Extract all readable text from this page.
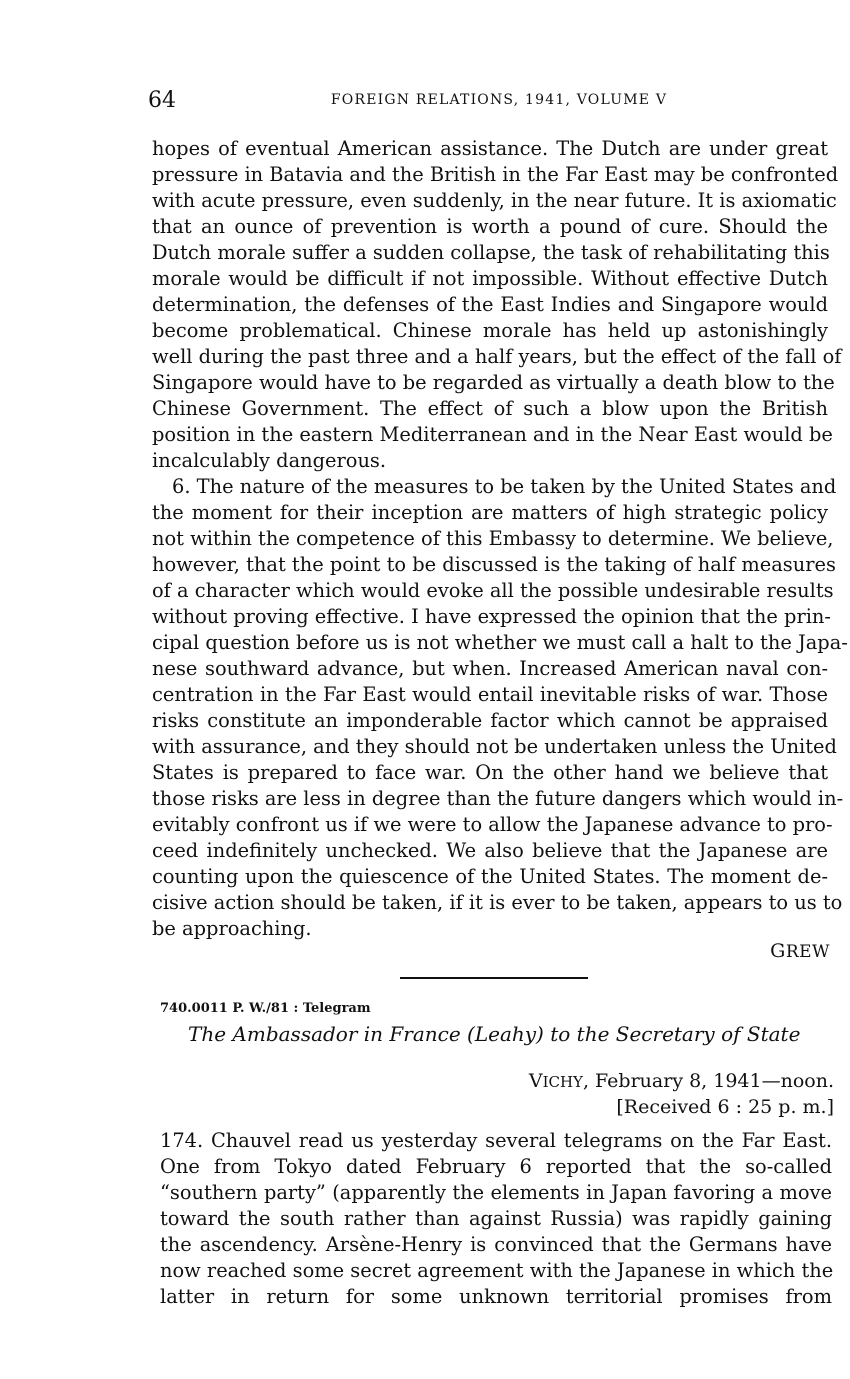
64	FOREIGN RELATIONS, 1941, VOLUME V
hopes of eventual American assistance. The Dutch are under great
pressure in Batavia and the British in the Far East may be confronted
with acute pressure, even suddenly, in the near future. It is axiomatic
that an ounce of prevention is worth a pound of cure. Should the
Dutch morale suffer a sudden collapse, the task of rehabilitating this
morale would be difficult if not impossible. Without effective Dutch
determination, the defenses of the East Indies and Singapore would
become problematical. Chinese morale has held up astonishingly
well during the past three and a half years, but the effect of the fall of
Singapore would have to be regarded as virtually a death blow to the
Chinese Government. The effect of such a blow upon the British
position in the eastern Mediterranean and in the Near East would be
incalculably dangerous.
6. The nature of the measures to be taken by the United States and
the moment for their inception are matters of high strategic policy
not within the competence of this Embassy to determine. We believe,
however, that the point to be discussed is the taking of half measures
of a character which would evoke all the possible undesirable results
without proving effective. I have expressed the opinion that the prin-
cipal question before us is not whether we must call a halt to the Japa-
nese southward advance, but when. Increased American naval con-
centration in the Far East would entail inevitable risks of war. Those
risks constitute an imponderable factor which cannot be appraised
with assurance, and they should not be undertaken unless the United
States is prepared to face war. On the other hand we believe that
those risks are less in degree than the future dangers which would in-
evitably confront us if we were to allow the Japanese advance to pro-
ceed indefinitely unchecked. We also believe that the Japanese are
counting upon the quiescence of the United States. The moment de-
cisive action should be taken, if it is ever to be taken, appears to us to
be approaching.
GREW
740.0011 P. W./81 : Telegram
The Ambassador in France (Leahy) to the Secretary of State
VICHY, February 8, 1941—noon.
[Received 6 : 25 p. m.]
174. Chauvel read us yesterday several telegrams on the Far East.
One from Tokyo dated February 6 reported that the so-called
“southern party” (apparently the elements in Japan favoring a move
toward the south rather than against Russia) was rapidly gaining
the ascendency. Arsène-Henry is convinced that the Germans have
now reached some secret agreement with the Japanese in which the
latter in return for some unknown territorial promises from
